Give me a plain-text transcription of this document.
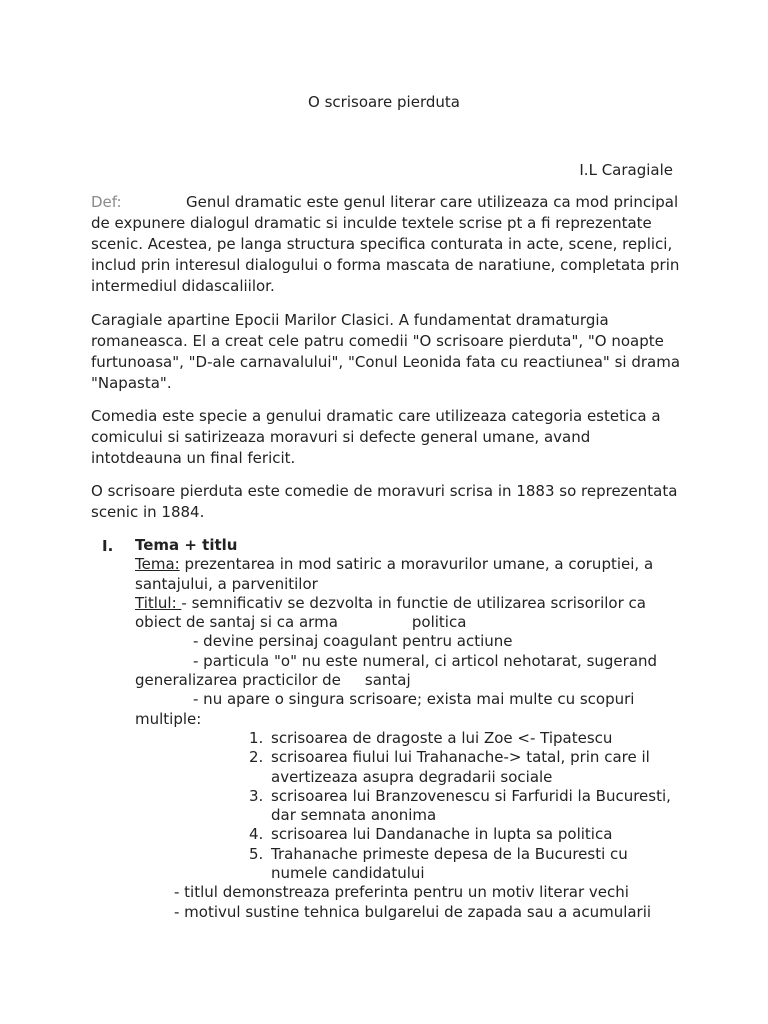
O scrisoare pierduta
I.L Caragiale

Def:	Genul dramatic este genul literar care utilizeaza ca mod principal de expunere dialogul dramatic si inculde textele scrise pt a fi reprezentate scenic. Acestea, pe langa structura specifica conturata in acte, scene, replici, includ prin interesul dialogului o forma mascata de naratiune, completata prin intermediul didascaliilor.

Caragiale apartine Epocii Marilor Clasici. A fundamentat dramaturgia romaneasca. El a creat cele patru comedii "O scrisoare pierduta", "O noapte furtunoasa", "D-ale carnavalului", "Conul Leonida fata cu reactiunea" si drama "Napasta".

Comedia este specie a genului dramatic care utilizeaza categoria estetica a comicului si satirizeaza moravuri si defecte general umane, avand intotdeauna un final fericit.

O scrisoare pierduta este comedie de moravuri scrisa in 1883 so reprezentata scenic in 1884.

I. Tema + titlu
Tema: prezentarea in mod satiric a moravurilor umane, a coruptiei, a santajului, a parvenitilor
Titlul: - semnificativ se dezvolta in functie de utilizarea scrisorilor ca obiect de santaj si ca arma	politica
- devine persinaj coagulant pentru actiune
- particula "o" nu este numeral, ci articol nehotarat, sugerand generalizarea practicilor de santaj
- nu apare o singura scrisoare; exista mai multe cu scopuri multiple:
1. scrisoarea de dragoste a lui Zoe <- Tipatescu
2. scrisoarea fiului lui Trahanache-> tatal, prin care il avertizeaza asupra degradarii sociale
3. scrisoarea lui Branzovenescu si Farfuridi la Bucuresti, dar semnata anonima
4. scrisoarea lui Dandanache in lupta sa politica
5. Trahanache primeste depesa de la Bucuresti cu numele candidatului
- titlul demonstreaza preferinta pentru un motiv literar vechi
- motivul sustine tehnica bulgarelui de zapada sau a acumularii
